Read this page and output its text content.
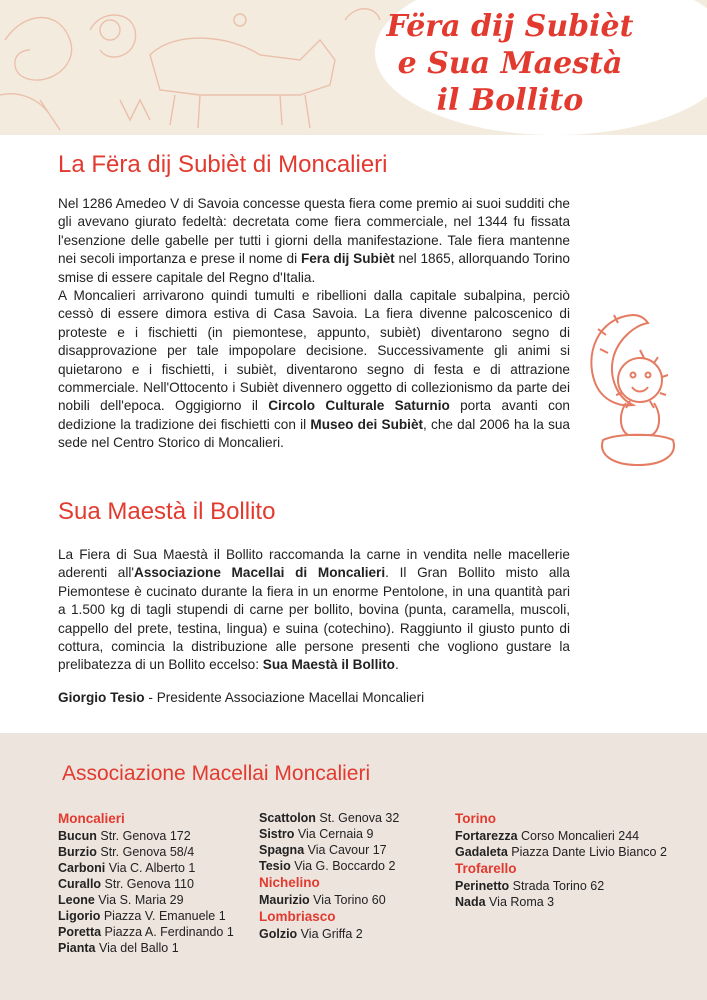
Fëra dij Subièt
e Sua Maestà
il Bollito
La Fëra dij Subièt di Moncalieri

Nel 1286 Amedeo V di Savoia concesse questa fiera come premio ai suoi sudditi che gli avevano giurato fedeltà: decretata come fiera commerciale, nel 1344 fu fissata l'esenzione delle gabelle per tutti i giorni della manifestazione. Tale fiera mantenne nei secoli importanza e prese il nome di Fera dij Subièt nel 1865, allorquando Torino smise di essere capitale del Regno d'Italia.

A Moncalieri arrivarono quindi tumulti e ribellioni dalla capitale subalpina, perciò cessò di essere dimora estiva di Casa Savoia. La fiera divenne palcoscenico di proteste e i fischietti (in piemontese, appunto, subièt) diventarono segno di disapprovazione per tale impopolare decisione. Successivamente gli animi si quietarono e i fischietti, i subièt, diventarono segno di festa e di attrazione commerciale. Nell'Ottocento i Subièt divennero oggetto di collezionismo da parte dei nobili dell'epoca. Oggigiorno il Circolo Culturale Saturnio porta avanti con dedizione la tradizione dei fischietti con il Museo dei Subièt, che dal 2006 ha la sua sede nel Centro Storico di Moncalieri.

Sua Maestà il Bollito

La Fiera di Sua Maestà il Bollito raccomanda la carne in vendita nelle macellerie aderenti all'Associazione Macellai di Moncalieri. Il Gran Bollito misto alla Piemontese è cucinato durante la fiera in un enorme Pentolone, in una quantità pari a 1.500 kg di tagli stupendi di carne per bollito, bovina (punta, caramella, muscoli, cappello del prete, testina, lingua) e suina (cotechino). Raggiunto il giusto punto di cottura, comincia la distribuzione alle persone presenti che vogliono gustare la prelibatezza di un Bollito eccelso: Sua Maestà il Bollito.

Giorgio Tesio - Presidente Associazione Macellai Moncalieri
Associazione Macellai Moncalieri
Moncalieri
Bucun Str. Genova 172
Burzio Str. Genova 58/4
Carboni Via C. Alberto 1
Curallo Str. Genova 110
Leone Via S. Maria 29
Ligorio Piazza V. Emanuele 1
Poretta Piazza A. Ferdinando 1
Pianta Via del Ballo 1
Scattolon St. Genova 32
Sistro Via Cernaia 9
Spagna Via Cavour 17
Tesio Via G. Boccardo 2
Nichelino
Maurizio Via Torino 60
Lombriasco
Golzio Via Griffa 2
Torino
Fortarezza Corso Moncalieri 244
Gadaleta Piazza Dante Livio Bianco 2
Trofarello
Perinetto Strada Torino 62
Nada Via Roma 3
